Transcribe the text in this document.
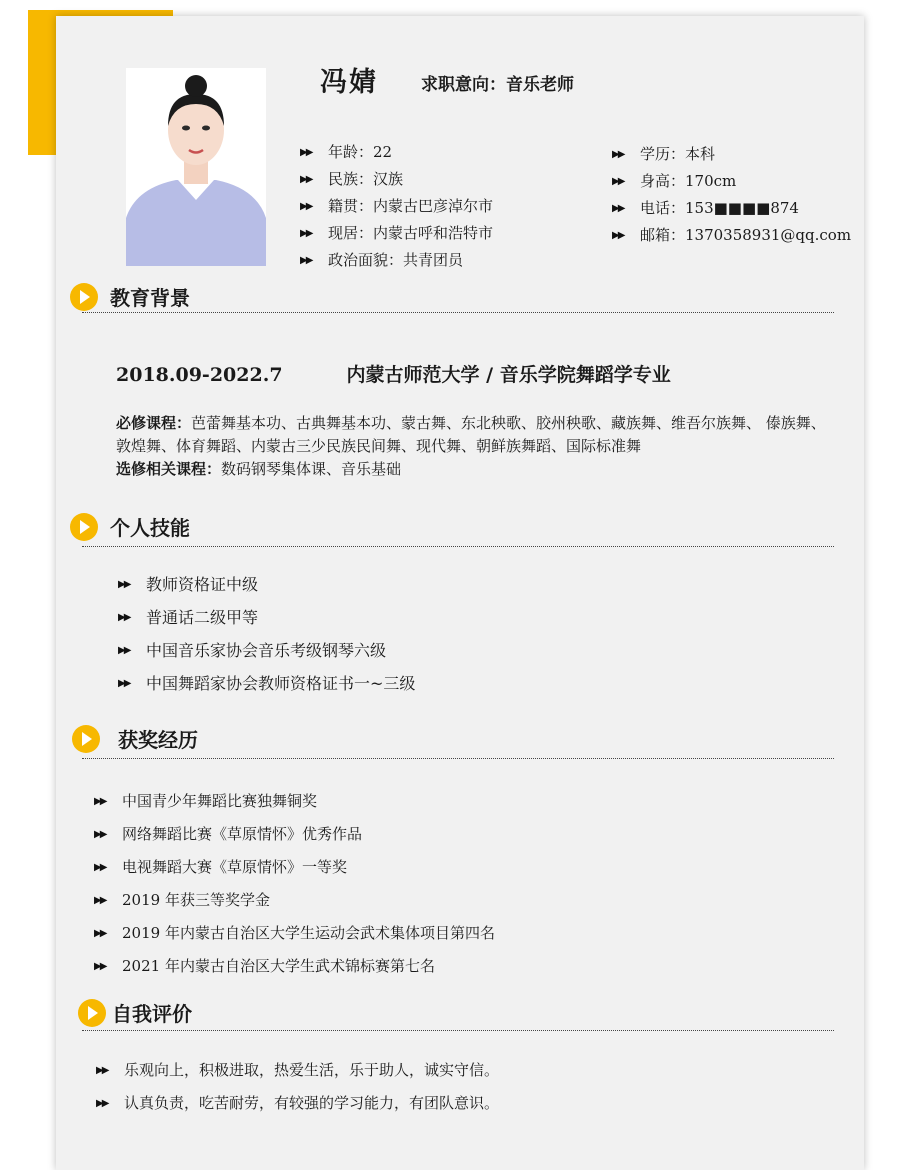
冯婧	求职意向：音乐老师
▶▶	年龄：22
▶▶	民族：汉族
▶▶	籍贯：内蒙古巴彦淖尔市
▶▶	现居：内蒙古呼和浩特市
▶▶	政治面貌：共青团员
▶▶	学历：本科
▶▶	身高：170cm
▶▶	电话：153■■■■874
▶▶	邮箱：1370358931@qq.com
教育背景
2018.09-2022.7	内蒙古师范大学 / 音乐学院舞蹈学专业
必修课程：芭蕾舞基本功、古典舞基本功、蒙古舞、东北秧歌、胶州秧歌、藏族舞、维吾尔族舞、 傣族舞、敦煌舞、体育舞蹈、内蒙古三少民族民间舞、现代舞、朝鲜族舞蹈、国际标准舞
选修相关课程：数码钢琴集体课、音乐基础
个人技能
▶▶	教师资格证中级
▶▶	普通话二级甲等
▶▶	中国音乐家协会音乐考级钢琴六级
▶▶	中国舞蹈家协会教师资格证书一~三级
获奖经历
▶▶	中国青少年舞蹈比赛独舞铜奖
▶▶	网络舞蹈比赛《草原情怀》优秀作品
▶▶	电视舞蹈大赛《草原情怀》一等奖
▶▶	2019 年获三等奖学金
▶▶	2019 年内蒙古自治区大学生运动会武术集体项目第四名
▶▶	2021 年内蒙古自治区大学生武术锦标赛第七名
自我评价
▶▶	乐观向上，积极进取，热爱生活，乐于助人，诚实守信。
▶▶	认真负责，吃苦耐劳，有较强的学习能力，有团队意识。
